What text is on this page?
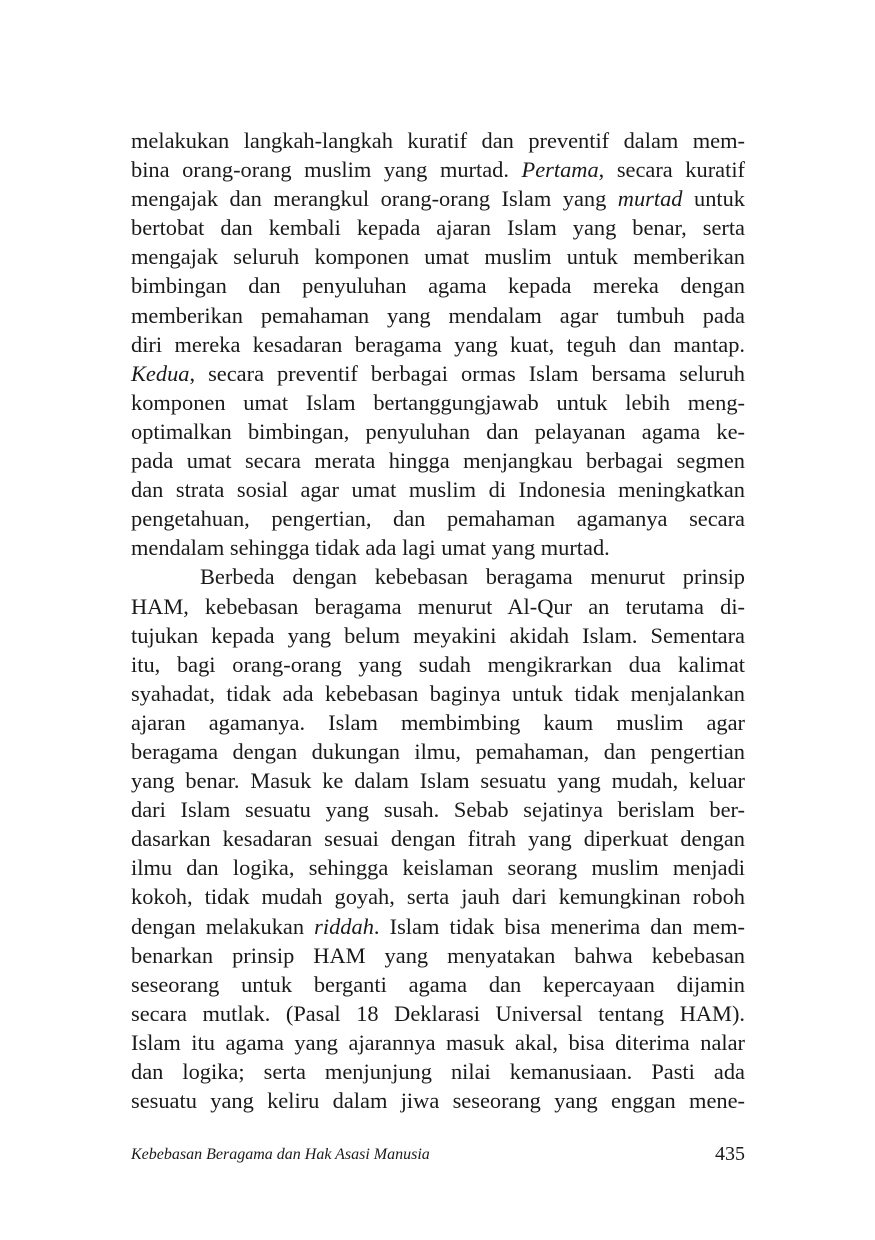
melakukan langkah-langkah kuratif dan preventif dalam mem-
bina orang-orang muslim yang murtad. Pertama, secara kuratif
mengajak dan merangkul orang-orang Islam yang murtad untuk
bertobat dan kembali kepada ajaran Islam yang benar, serta
mengajak seluruh komponen umat muslim untuk memberikan
bimbingan dan penyuluhan agama kepada mereka dengan
memberikan pemahaman yang mendalam agar tumbuh pada
diri mereka kesadaran beragama yang kuat, teguh dan mantap.
Kedua, secara preventif berbagai ormas Islam bersama seluruh
komponen umat Islam bertanggungjawab untuk lebih meng-
optimalkan bimbingan, penyuluhan dan pelayanan agama ke-
pada umat secara merata hingga menjangkau berbagai segmen
dan strata sosial agar umat muslim di Indonesia meningkatkan
pengetahuan, pengertian, dan pemahaman agamanya secara
mendalam sehingga tidak ada lagi umat yang murtad.
Berbeda dengan kebebasan beragama menurut prinsip
HAM, kebebasan beragama menurut Al-Qur an terutama di-
tujukan kepada yang belum meyakini akidah Islam. Sementara
itu, bagi orang-orang yang sudah mengikrarkan dua kalimat
syahadat, tidak ada kebebasan baginya untuk tidak menjalankan
ajaran agamanya. Islam membimbing kaum muslim agar
beragama dengan dukungan ilmu, pemahaman, dan pengertian
yang benar. Masuk ke dalam Islam sesuatu yang mudah, keluar
dari Islam sesuatu yang susah. Sebab sejatinya berislam ber-
dasarkan kesadaran sesuai dengan fitrah yang diperkuat dengan
ilmu dan logika, sehingga keislaman seorang muslim menjadi
kokoh, tidak mudah goyah, serta jauh dari kemungkinan roboh
dengan melakukan riddah. Islam tidak bisa menerima dan mem-
benarkan prinsip HAM yang menyatakan bahwa kebebasan
seseorang untuk berganti agama dan kepercayaan dijamin
secara mutlak. (Pasal 18 Deklarasi Universal tentang HAM).
Islam itu agama yang ajarannya masuk akal, bisa diterima nalar
dan logika; serta menjunjung nilai kemanusiaan. Pasti ada
sesuatu yang keliru dalam jiwa seseorang yang enggan mene-
Kebebasan Beragama dan Hak Asasi Manusia	435
